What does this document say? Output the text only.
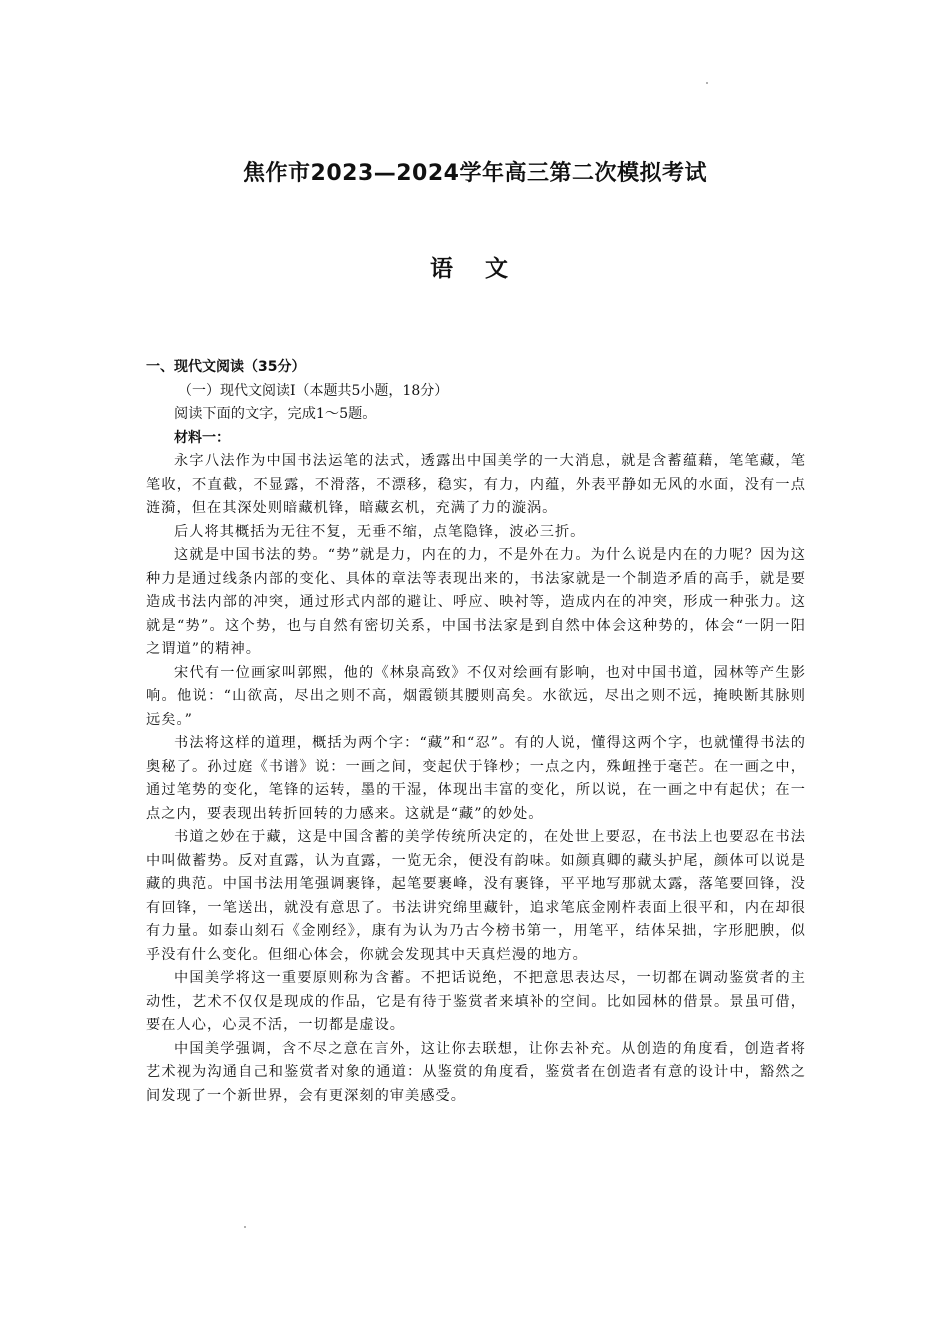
焦作市2023—2024学年高三第二次模拟考试
语 文

一、现代文阅读（35分）

（一）现代文阅读Ⅰ（本题共5小题，18分）

阅读下面的文字，完成1～5题。

材料一：

永字八法作为中国书法运笔的法式，透露出中国美学的一大消息，就是含蓄蕴藉，笔笔藏，笔笔收，不直截，不显露，不滑落，不漂移，稳实，有力，内蕴，外表平静如无风的水面，没有一点涟漪，但在其深处则暗藏机锋，暗藏玄机，充满了力的漩涡。

后人将其概括为无往不复，无垂不缩，点笔隐锋，波必三折。

这就是中国书法的势。“势”就是力，内在的力，不是外在力。为什么说是内在的力呢？因为这种力是通过线条内部的变化、具体的章法等表现出来的，书法家就是一个制造矛盾的高手，就是要造成书法内部的冲突，通过形式内部的避让、呼应、映衬等，造成内在的冲突，形成一种张力。这就是“势”。这个势，也与自然有密切关系，中国书法家是到自然中体会这种势的，体会“一阴一阳之谓道”的精神。

宋代有一位画家叫郭熙，他的《林泉高致》不仅对绘画有影响，也对中国书道，园林等产生影响。他说：“山欲高，尽出之则不高，烟霞锁其腰则高矣。水欲远，尽出之则不远，掩映断其脉则远矣。”

书法将这样的道理，概括为两个字：“藏”和“忍”。有的人说，懂得这两个字，也就懂得书法的奥秘了。孙过庭《书谱》说：一画之间，变起伏于锋杪；一点之内，殊衄挫于毫芒。在一画之中，通过笔势的变化，笔锋的运转，墨的干湿，体现出丰富的变化，所以说，在一画之中有起伏；在一点之内，要表现出转折回转的力感来。这就是“藏”的妙处。

书道之妙在于藏，这是中国含蓄的美学传统所决定的，在处世上要忍，在书法上也要忍在书法中叫做蓄势。反对直露，认为直露，一览无余，便没有韵味。如颜真卿的藏头护尾，颜体可以说是藏的典范。中国书法用笔强调裹锋，起笔要裹峰，没有裹锋，平平地写那就太露，落笔要回锋，没有回锋，一笔送出，就没有意思了。书法讲究绵里藏针，追求笔底金刚杵表面上很平和，内在却很有力量。如泰山刻石《金刚经》，康有为认为乃古今榜书第一，用笔平，结体呆拙，字形肥腴，似乎没有什么变化。但细心体会，你就会发现其中天真烂漫的地方。

中国美学将这一重要原则称为含蓄。不把话说绝，不把意思表达尽，一切都在调动鉴赏者的主动性，艺术不仅仅是现成的作品，它是有待于鉴赏者来填补的空间。比如园林的借景。景虽可借，要在人心，心灵不活，一切都是虚设。

中国美学强调，含不尽之意在言外，这让你去联想，让你去补充。从创造的角度看，创造者将艺术视为沟通自己和鉴赏者对象的通道：从鉴赏的角度看，鉴赏者在创造者有意的设计中，豁然之间发现了一个新世界，会有更深刻的审美感受。
